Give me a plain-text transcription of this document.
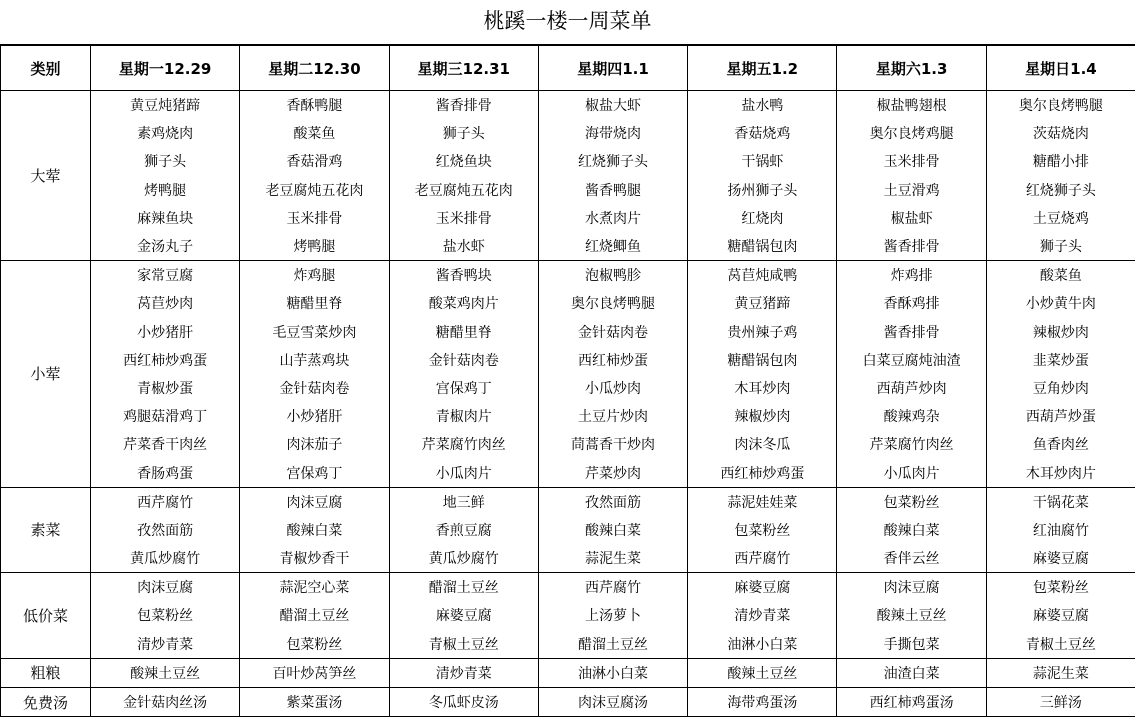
桃蹊一楼一周菜单
类别	星期一12.29	星期二12.30	星期三12.31	星期四1.1	星期五1.2	星期六1.3	星期日1.4
大荤	黄豆炖猪蹄	香酥鸭腿	酱香排骨	椒盐大虾	盐水鸭	椒盐鸭翅根	奥尔良烤鸭腿
	素鸡烧肉	酸菜鱼	狮子头	海带烧肉	香菇烧鸡	奥尔良烤鸡腿	茨菇烧肉
	狮子头	香菇滑鸡	红烧鱼块	红烧狮子头	干锅虾	玉米排骨	糖醋小排
	烤鸭腿	老豆腐炖五花肉	老豆腐炖五花肉	酱香鸭腿	扬州狮子头	土豆滑鸡	红烧狮子头
	麻辣鱼块	玉米排骨	玉米排骨	水煮肉片	红烧肉	椒盐虾	土豆烧鸡
	金汤丸子	烤鸭腿	盐水虾	红烧鲫鱼	糖醋锅包肉	酱香排骨	狮子头
小荤	家常豆腐	炸鸡腿	酱香鸭块	泡椒鸭胗	莴苣炖咸鸭	炸鸡排	酸菜鱼
	莴苣炒肉	糖醋里脊	酸菜鸡肉片	奥尔良烤鸭腿	黄豆猪蹄	香酥鸡排	小炒黄牛肉
	小炒猪肝	毛豆雪菜炒肉	糖醋里脊	金针菇肉卷	贵州辣子鸡	酱香排骨	辣椒炒肉
	西红柿炒鸡蛋	山芋蒸鸡块	金针菇肉卷	西红柿炒蛋	糖醋锅包肉	白菜豆腐炖油渣	韭菜炒蛋
	青椒炒蛋	金针菇肉卷	宫保鸡丁	小瓜炒肉	木耳炒肉	西葫芦炒肉	豆角炒肉
	鸡腿菇滑鸡丁	小炒猪肝	青椒肉片	土豆片炒肉	辣椒炒肉	酸辣鸡杂	西葫芦炒蛋
	芹菜香干肉丝	肉沫茄子	芹菜腐竹肉丝	茼蒿香干炒肉	肉沫冬瓜	芹菜腐竹肉丝	鱼香肉丝
	香肠鸡蛋	宫保鸡丁	小瓜肉片	芹菜炒肉	西红柿炒鸡蛋	小瓜肉片	木耳炒肉片
素菜	西芹腐竹	肉沫豆腐	地三鲜	孜然面筋	蒜泥娃娃菜	包菜粉丝	干锅花菜
	孜然面筋	酸辣白菜	香煎豆腐	酸辣白菜	包菜粉丝	酸辣白菜	红油腐竹
	黄瓜炒腐竹	青椒炒香干	黄瓜炒腐竹	蒜泥生菜	西芹腐竹	香伴云丝	麻婆豆腐
低价菜	肉沫豆腐	蒜泥空心菜	醋溜土豆丝	西芹腐竹	麻婆豆腐	肉沫豆腐	包菜粉丝
	包菜粉丝	醋溜土豆丝	麻婆豆腐	上汤萝卜	清炒青菜	酸辣土豆丝	麻婆豆腐
	清炒青菜	包菜粉丝	青椒土豆丝	醋溜土豆丝	油淋小白菜	手撕包菜	青椒土豆丝
粗粮	酸辣土豆丝	百叶炒莴笋丝	清炒青菜	油淋小白菜	酸辣土豆丝	油渣白菜	蒜泥生菜
免费汤	金针菇肉丝汤	紫菜蛋汤	冬瓜虾皮汤	肉沫豆腐汤	海带鸡蛋汤	西红柿鸡蛋汤	三鲜汤
